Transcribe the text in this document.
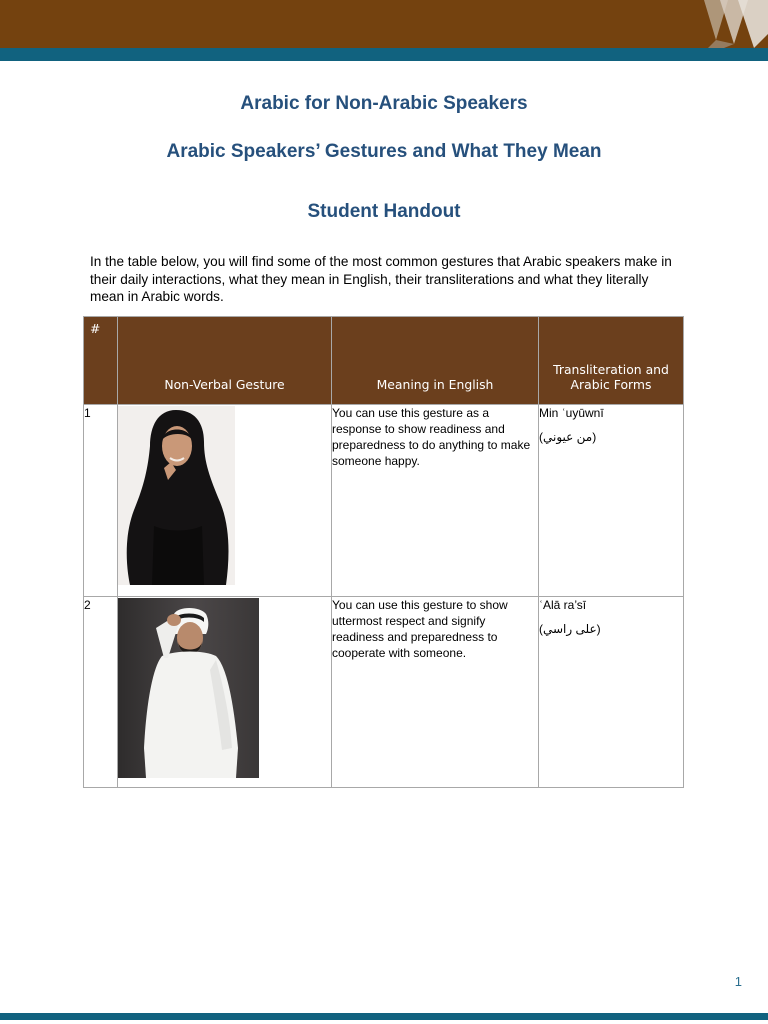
Arabic for Non-Arabic Speakers
Arabic Speakers’ Gestures and What They Mean
Student Handout

In the table below, you will find some of the most common gestures that Arabic speakers make in their daily interactions, what they mean in English, their transliterations and what they literally mean in Arabic words.

#	Non-Verbal Gesture	Meaning in English	Transliteration and Arabic Forms
1		You can use this gesture as a response to show readiness and preparedness to do anything to make someone happy.	Min ʿuyūwnī
(من عيوني)

2		You can use this gesture to show uttermost respect and signify readiness and preparedness to cooperate with someone.	ʿAlā ra’sī
(على راسي)
1
